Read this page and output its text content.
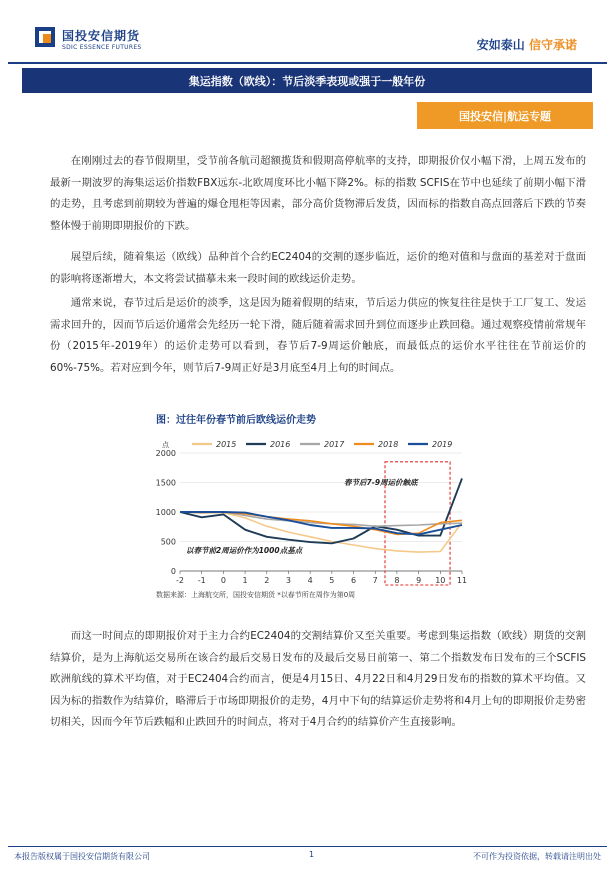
国投安信期货
SDIC ESSENCE FUTURES	安如泰山 信守承诺
集运指数（欧线）：节后淡季表现或强于一般年份
国投安信|航运专题

在刚刚过去的春节假期里，受节前各航司超额揽货和假期高停航率的支持，即期报价仅小幅下滑，上周五发布的最新一期波罗的海集运运价指数FBX远东-北欧周度环比小幅下降2%。标的指数 SCFIS在节中也延续了前期小幅下滑的走势，且考虑到前期较为普遍的爆仓甩柜等因素，部分高价货物滞后发货，因而标的指数自高点回落后下跌的节奏整体慢于前期即期报价的下跌。

展望后续，随着集运（欧线）品种首个合约EC2404的交割的逐步临近，运价的绝对值和与盘面的基差对于盘面的影响将逐渐增大，本文将尝试描摹未来一段时间的欧线运价走势。

通常来说，春节过后是运价的淡季，这是因为随着假期的结束，节后运力供应的恢复往往是快于工厂复工、发运需求回升的，因而节后运价通常会先经历一轮下滑，随后随着需求回升到位而逐步止跌回稳。通过观察疫情前常规年份（2015年-2019年）的运价走势可以看到，春节后7-9周运价触底，而最低点的运价水平往往在节前运价的60%-75%。若对应到今年，则节后7-9周正好是3月底至4月上旬的时间点。

图：过往年份春节前后欧线运价走势
0
500
1000
1500
2000
点
-2 -1 0 1 2 3 4 5 6 7 8 9 10 11
2015	2016	2017	2018	2019
春节后7-9周运价触底
以春节前2周运价作为1000点基点
数据来源：上海航交所，国投安信期货 *以春节所在周作为第0周

而这一时间点的即期报价对于主力合约EC2404的交割结算价又至关重要。考虑到集运指数（欧线）期货的交割结算价，是为上海航运交易所在该合约最后交易日发布的及最后交易日前第一、第二个指数发布日发布的三个SCFIS欧洲航线的算术平均值，对于EC2404合约而言，便是4月15日、4月22日和4月29日发布的指数的算术平均值。又因为标的指数作为结算价，略滞后于市场即期报价的走势，4月中下旬的结算运价走势将和4月上旬的即期报价走势密切相关，因而今年节后跌幅和止跌回升的时间点，将对于4月合约的结算价产生直接影响。

本报告版权属于国投安信期货有限公司	1	不可作为投资依据，转载请注明出处
